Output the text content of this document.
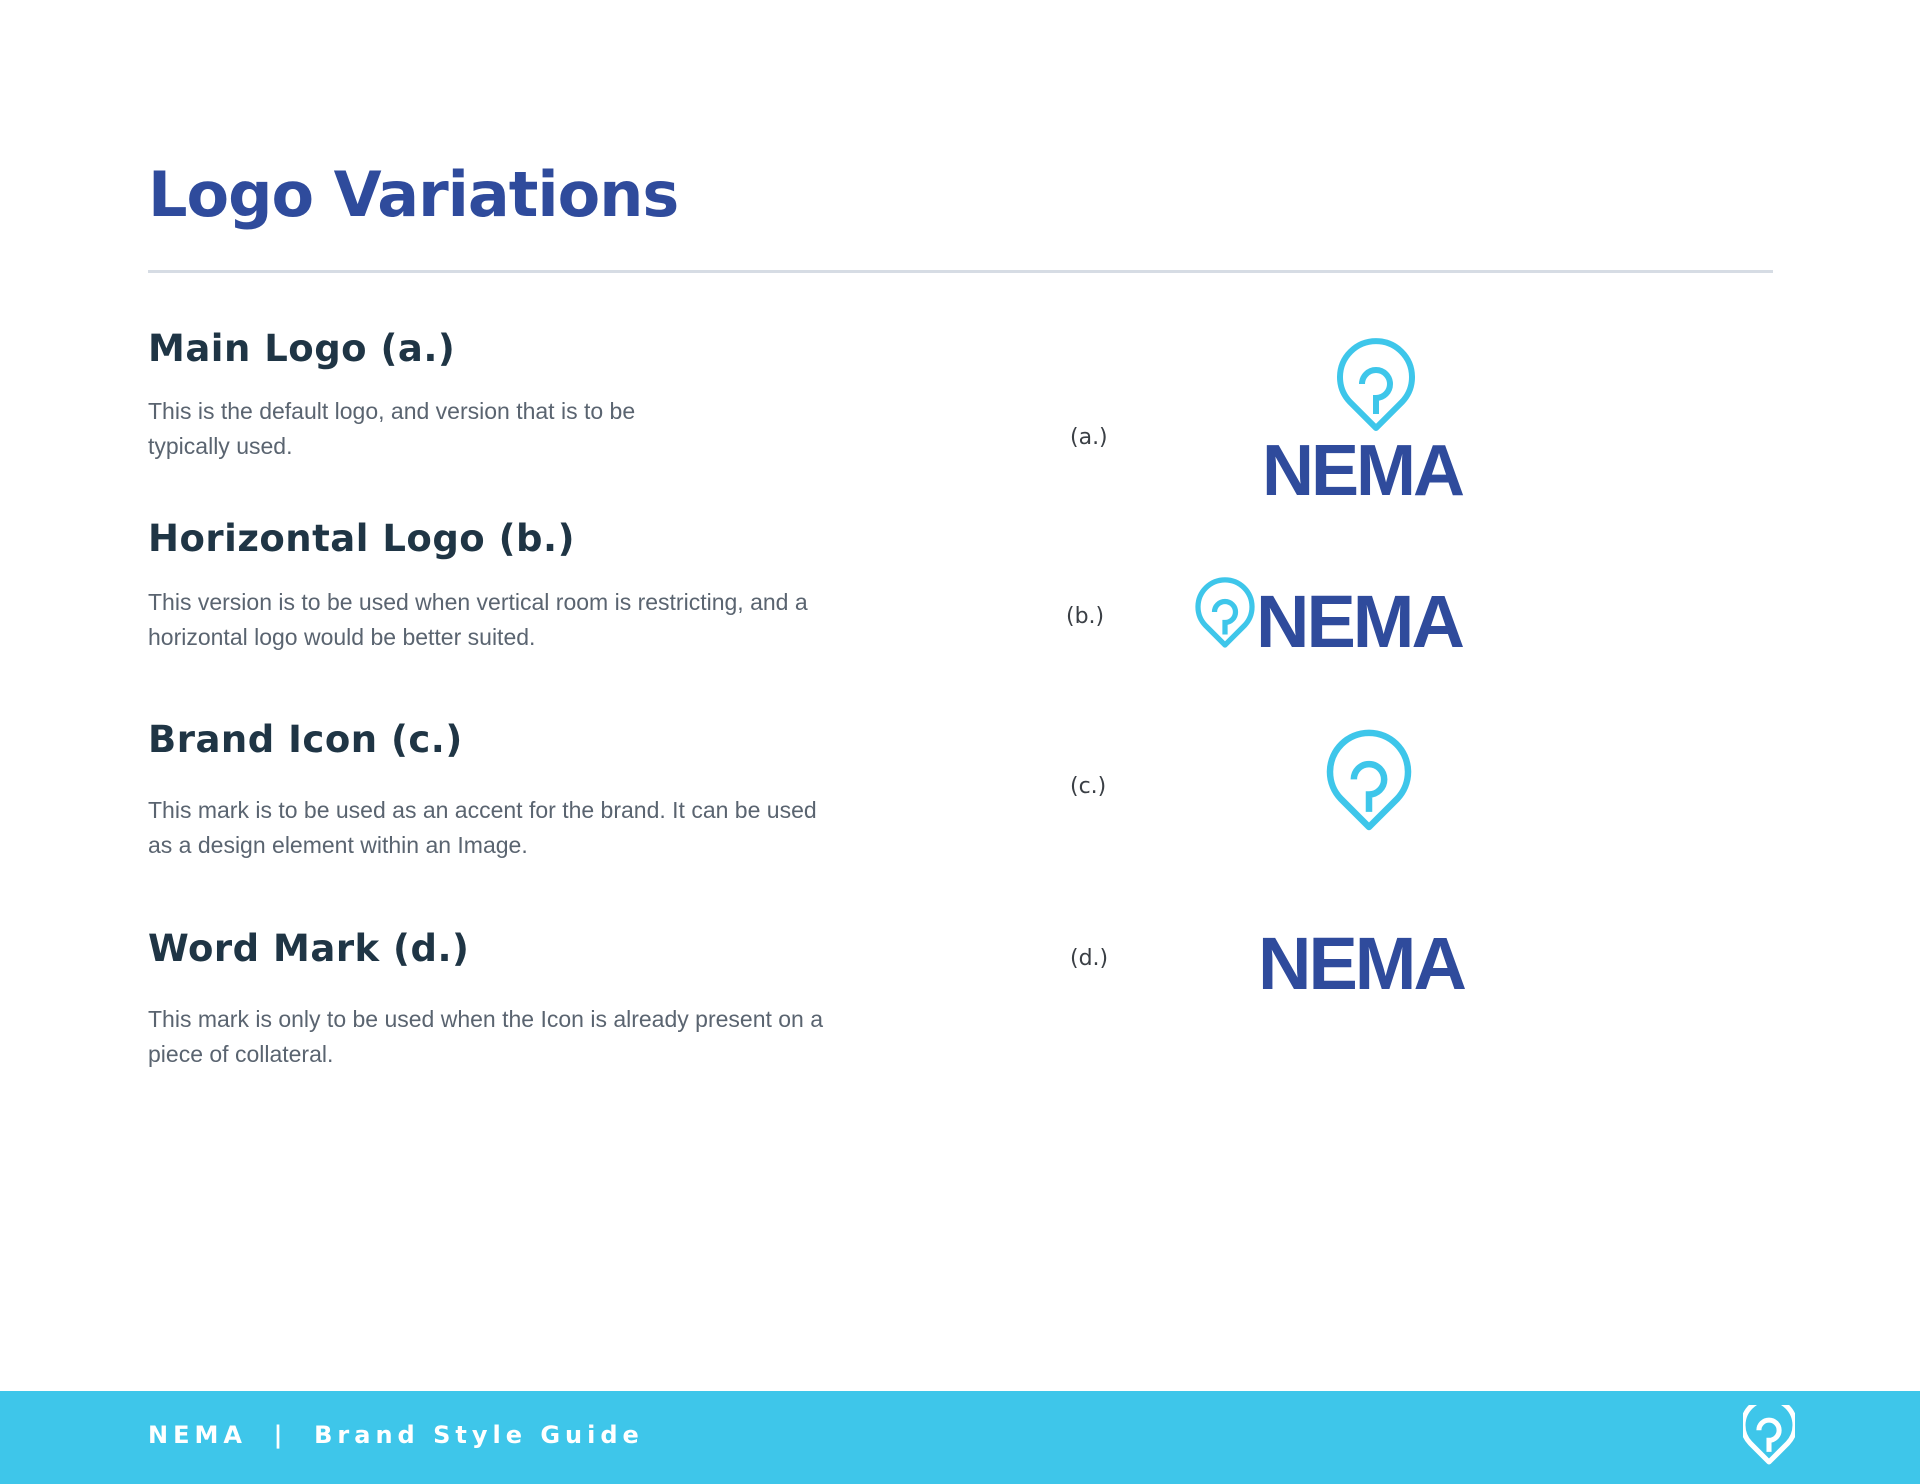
Logo Variations
Main Logo (a.)

This is the default logo, and version that is to be
typically used.

Horizontal Logo (b.)

This version is to be used when vertical room is restricting, and a
horizontal logo would be better suited.

Brand Icon (c.)

This mark is to be used as an accent for the brand. It can be used
as a design element within an Image.

Word Mark (d.)

This mark is only to be used when the Icon is already present on a
piece of collateral.

(a.)
(b.)
(c.)
(d.)
NEMA
NEMA
NEMA
NEMA | Brand Style Guide
